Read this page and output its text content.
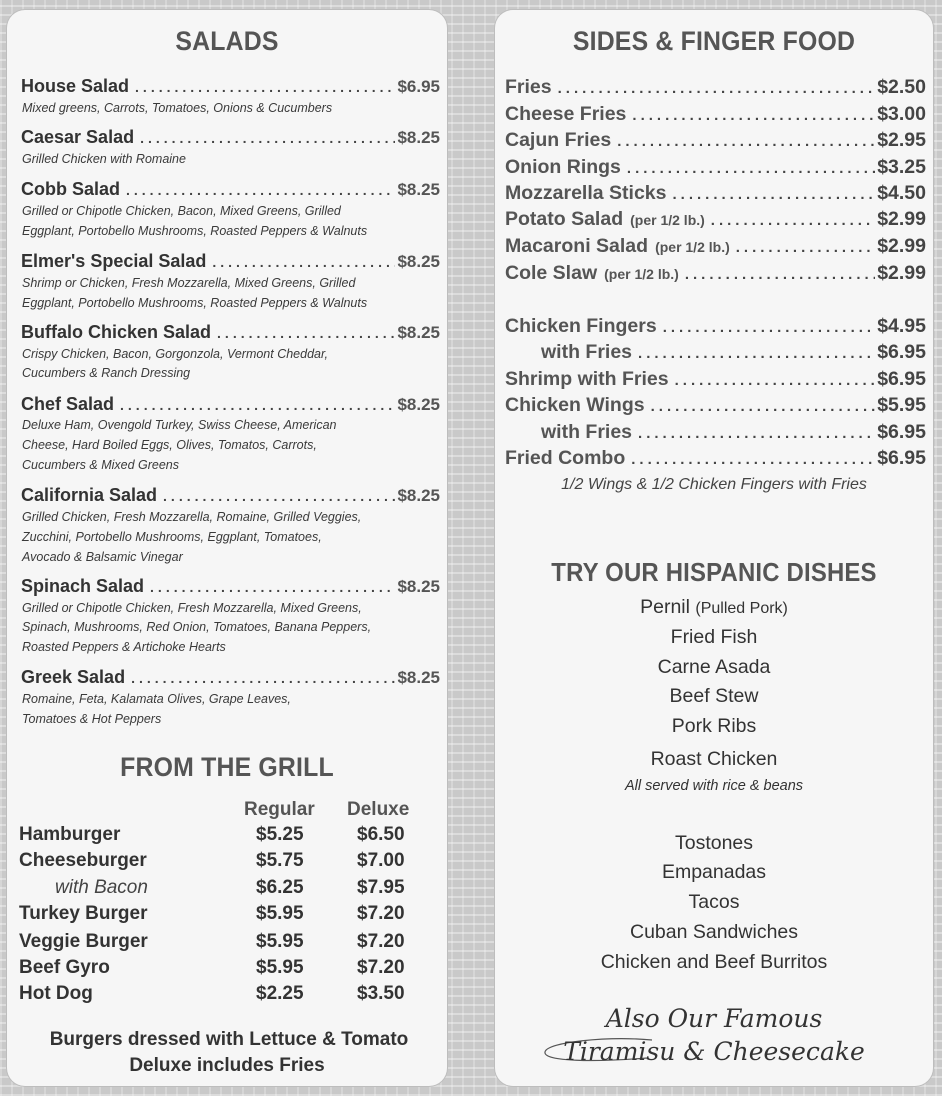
SALADS
House Salad .....	$6.95
Mixed greens, Carrots, Tomatoes, Onions & Cucumbers
Caesar Salad .....	$8.25
Grilled Chicken with Romaine
Cobb Salad .....	$8.25
Grilled or Chipotle Chicken, Bacon, Mixed Greens, Grilled
Eggplant, Portobello Mushrooms, Roasted Peppers & Walnuts
Elmer's Special Salad .....	$8.25
Shrimp or Chicken, Fresh Mozzarella, Mixed Greens, Grilled
Eggplant, Portobello Mushrooms, Roasted Peppers & Walnuts
Buffalo Chicken Salad .....	$8.25
Crispy Chicken, Bacon, Gorgonzola, Vermont Cheddar,
Cucumbers & Ranch Dressing
Chef Salad .....	$8.25
Deluxe Ham, Ovengold Turkey, Swiss Cheese, American
Cheese, Hard Boiled Eggs, Olives, Tomatos, Carrots,
Cucumbers & Mixed Greens
California Salad .....	$8.25
Grilled Chicken, Fresh Mozzarella, Romaine, Grilled Veggies,
Zucchini, Portobello Mushrooms, Eggplant, Tomatoes,
Avocado & Balsamic Vinegar
Spinach Salad .....	$8.25
Grilled or Chipotle Chicken, Fresh Mozzarella, Mixed Greens,
Spinach, Mushrooms, Red Onion, Tomatoes, Banana Peppers,
Roasted Peppers & Artichoke Hearts
Greek Salad .....	$8.25
Romaine, Feta, Kalamata Olives, Grape Leaves,
Tomatoes & Hot Peppers
FROM THE GRILL
Regular Deluxe
Hamburger	$5.25	$6.50
Cheeseburger	$5.75	$7.00
with Bacon	$6.25	$7.95
Turkey Burger	$5.95	$7.20
Veggie Burger	$5.95	$7.20
Beef Gyro	$5.95	$7.20
Hot Dog	$2.25	$3.50
Burgers dressed with Lettuce & Tomato
Deluxe includes Fries
SIDES & FINGER FOOD
Fries .....	$2.50
Cheese Fries .....	$3.00
Cajun Fries .....	$2.95
Onion Rings .....	$3.25
Mozzarella Sticks .....	$4.50
Potato Salad (per 1/2 lb.) .....	$2.99
Macaroni Salad (per 1/2 lb.) .....	$2.99
Cole Slaw (per 1/2 lb.) .....	$2.99
Chicken Fingers .....	$4.95
with Fries .....	$6.95
Shrimp with Fries .....	$6.95
Chicken Wings .....	$5.95
with Fries .....	$6.95
Fried Combo .....	$6.95
1/2 Wings & 1/2 Chicken Fingers with Fries
TRY OUR HISPANIC DISHES
Pernil (Pulled Pork)
Fried Fish
Carne Asada
Beef Stew
Pork Ribs
Roast Chicken
All served with rice & beans
Tostones
Empanadas
Tacos
Cuban Sandwiches
Chicken and Beef Burritos
Also Our Famous
Tiramisu & Cheesecake
